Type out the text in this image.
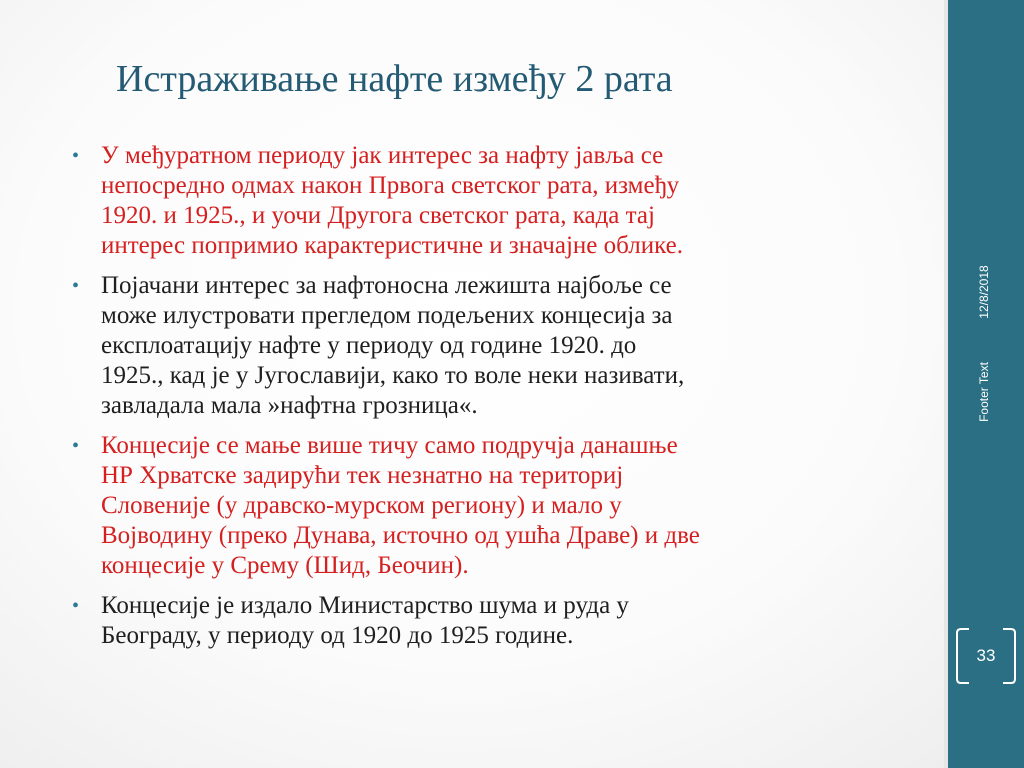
12/8/2018
Footer Text
33
Истраживање нафте између 2 рата
• У међуратном периоду јак интерес за нафту јавља се
непосредно одмах након Првога светског рата, између
1920. и 1925., и уочи Другога светског рата, када тај
интерес попримио карактеристичне и значајне облике.
• Појачани интерес за нафтоносна лежишта најбоље се
може илустровати прегледом подељених концесија за
експлоатацију нафте у периоду од године 1920. до
1925., кад је у Југославији, како то воле неки називати,
завладала мала »нафтна грозница«.
• Концесије се мање више тичу само подручја данашње
НР Хрватске задирући тек незнатно на териториј
Словеније (у дравско-мурском региону) и мало у
Војводину (преко Дунава, источно од ушћа Драве) и две
концесије у Срему (Шид, Беочин).
• Концесије је издало Министарство шума и руда у
Београду, у периоду од 1920 до 1925 године.
